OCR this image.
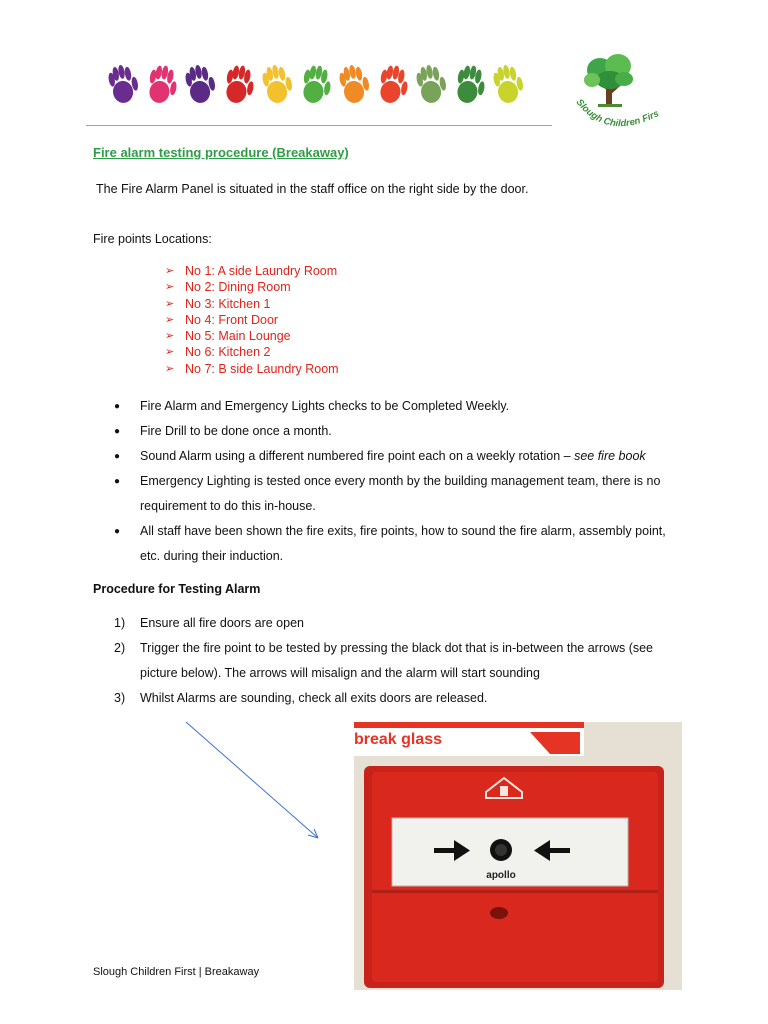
Slough Children Firs
Fire alarm testing procedure (Breakaway)
The Fire Alarm Panel is situated in the staff office on the right side by the door.
Fire points Locations:
➢ No 1: A side Laundry Room
➢ No 2: Dining Room
➢ No 3: Kitchen 1
➢ No 4: Front Door
➢ No 5: Main Lounge
➢ No 6: Kitchen 2
➢ No 7: B side Laundry Room
●	Fire Alarm and Emergency Lights checks to be Completed Weekly.
●	Fire Drill to be done once a month.
●	Sound Alarm using a different numbered fire point each on a weekly rotation – see fire book
●	Emergency Lighting is tested once every month by the building management team, there is no requirement to do this in-house.
●	All staff have been shown the fire exits, fire points, how to sound the fire alarm, assembly point, etc. during their induction.
Procedure for Testing Alarm
1)	Ensure all fire doors are open
2)	Trigger the fire point to be tested by pressing the black dot that is in-between the arrows (see picture below). The arrows will misalign and the alarm will start sounding
3)	Whilst Alarms are sounding, check all exits doors are released.
break glass
apollo
Slough Children First | Breakaway
